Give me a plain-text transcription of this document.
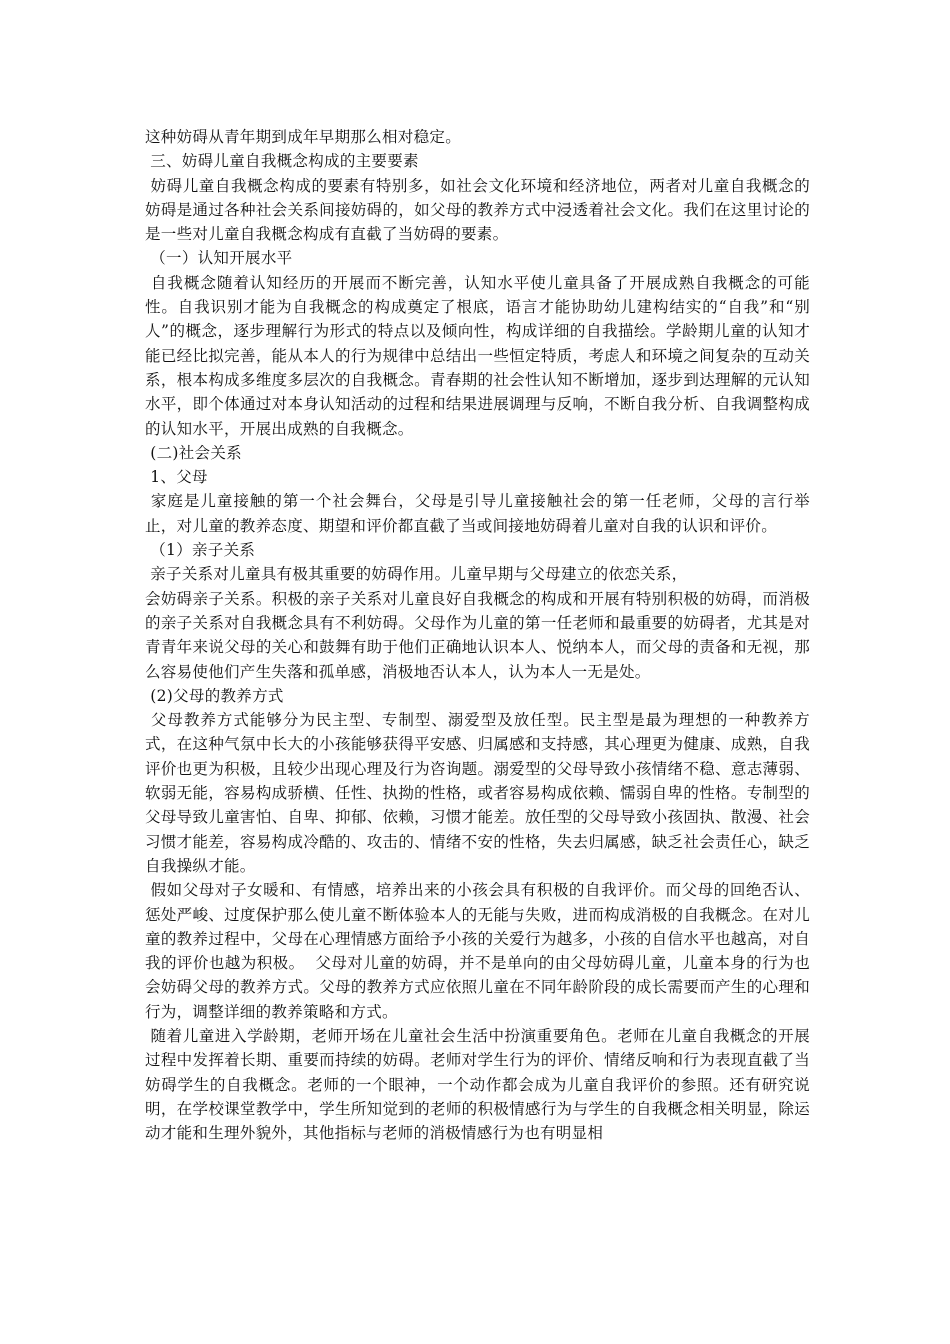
这种妨碍从青年期到成年早期那么相对稳定。

三、妨碍儿童自我概念构成的主要要素

妨碍儿童自我概念构成的要素有特别多，如社会文化环境和经济地位，两者对儿童自我概念的妨碍是通过各种社会关系间接妨碍的，如父母的教养方式中浸透着社会文化。我们在这里讨论的是一些对儿童自我概念构成有直截了当妨碍的要素。

（一）认知开展水平

自我概念随着认知经历的开展而不断完善，认知水平使儿童具备了开展成熟自我概念的可能性。自我识别才能为自我概念的构成奠定了根底，语言才能协助幼儿建构结实的“自我”和“别人”的概念，逐步理解行为形式的特点以及倾向性，构成详细的自我描绘。学龄期儿童的认知才能已经比拟完善，能从本人的行为规律中总结出一些恒定特质，考虑人和环境之间复杂的互动关系，根本构成多维度多层次的自我概念。青春期的社会性认知不断增加，逐步到达理解的元认知水平，即个体通过对本身认知活动的过程和结果进展调理与反响，不断自我分析、自我调整构成的认知水平，开展出成熟的自我概念。

(二)社会关系

1、父母

家庭是儿童接触的第一个社会舞台，父母是引导儿童接触社会的第一任老师，父母的言行举止，对儿童的教养态度、期望和评价都直截了当或间接地妨碍着儿童对自我的认识和评价。

（1）亲子关系

亲子关系对儿童具有极其重要的妨碍作用。儿童早期与父母建立的依恋关系，

会妨碍亲子关系。积极的亲子关系对儿童良好自我概念的构成和开展有特别积极的妨碍，而消极的亲子关系对自我概念具有不利妨碍。父母作为儿童的第一任老师和最重要的妨碍者，尤其是对青青年来说父母的关心和鼓舞有助于他们正确地认识本人、悦纳本人，而父母的责备和无视，那么容易使他们产生失落和孤单感，消极地否认本人，认为本人一无是处。

(2)父母的教养方式

父母教养方式能够分为民主型、专制型、溺爱型及放任型。民主型是最为理想的一种教养方式，在这种气氛中长大的小孩能够获得平安感、归属感和支持感，其心理更为健康、成熟，自我评价也更为积极，且较少出现心理及行为咨询题。溺爱型的父母导致小孩情绪不稳、意志薄弱、软弱无能，容易构成骄横、任性、执拗的性格，或者容易构成依赖、懦弱自卑的性格。专制型的父母导致儿童害怕、自卑、抑郁、依赖，习惯才能差。放任型的父母导致小孩固执、散漫、社会习惯才能差，容易构成冷酷的、攻击的、情绪不安的性格，失去归属感，缺乏社会责任心，缺乏自我操纵才能。

假如父母对子女暖和、有情感，培养出来的小孩会具有积极的自我评价。而父母的回绝否认、惩处严峻、过度保护那么使儿童不断体验本人的无能与失败，进而构成消极的自我概念。在对儿童的教养过程中，父母在心理情感方面给予小孩的关爱行为越多，小孩的自信水平也越高，对自我的评价也越为积极。  父母对儿童的妨碍，并不是单向的由父母妨碍儿童，儿童本身的行为也会妨碍父母的教养方式。父母的教养方式应依照儿童在不同年龄阶段的成长需要而产生的心理和行为，调整详细的教养策略和方式。

随着儿童进入学龄期，老师开场在儿童社会生活中扮演重要角色。老师在儿童自我概念的开展过程中发挥着长期、重要而持续的妨碍。老师对学生行为的评价、情绪反响和行为表现直截了当妨碍学生的自我概念。老师的一个眼神，一个动作都会成为儿童自我评价的参照。还有研究说明，在学校课堂教学中，学生所知觉到的老师的积极情感行为与学生的自我概念相关明显，除运动才能和生理外貌外，其他指标与老师的消极情感行为也有明显相
